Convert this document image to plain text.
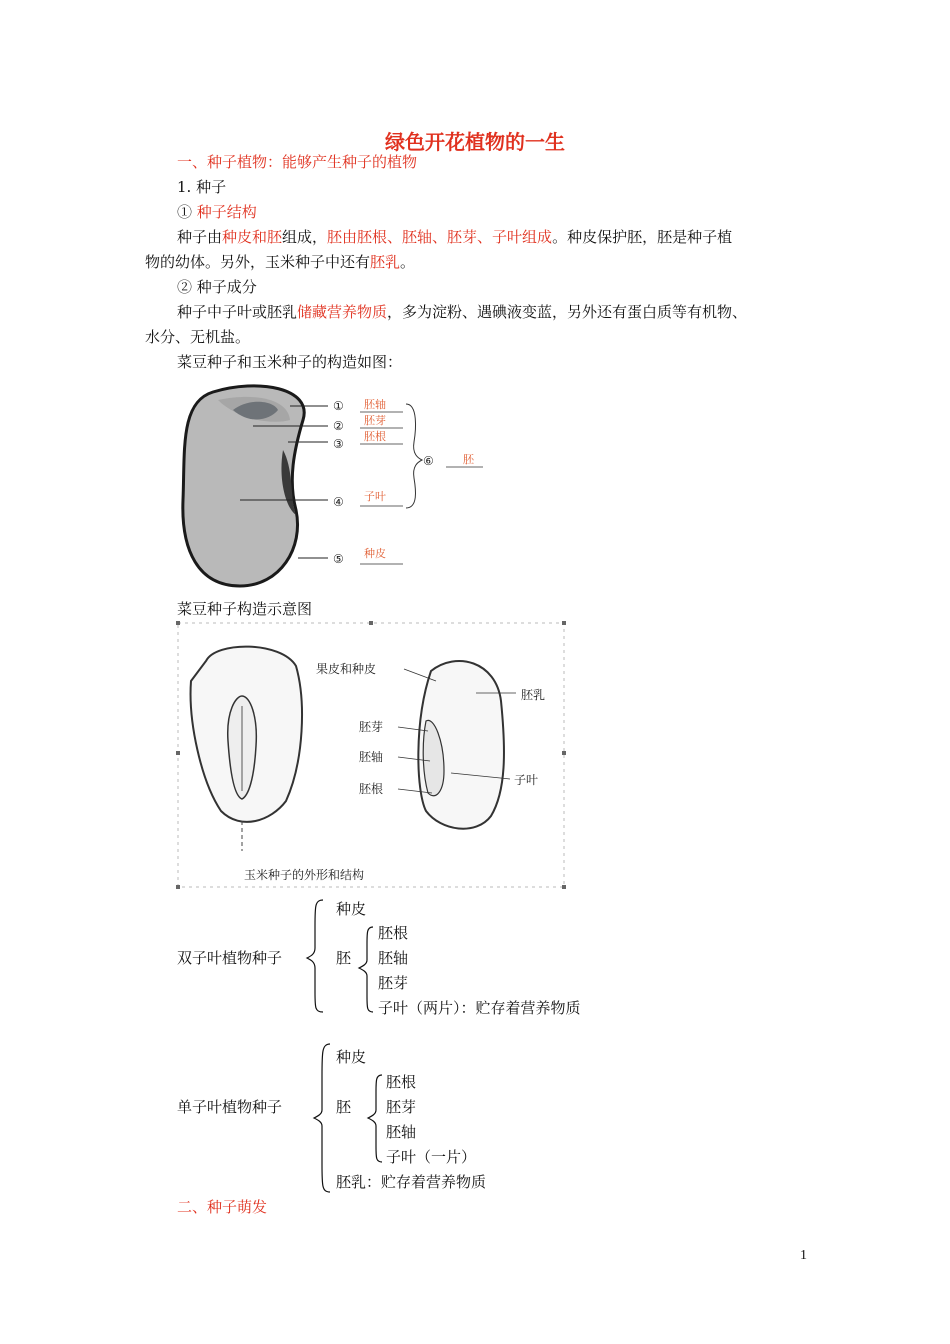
绿色开花植物的一生
一、种子植物：能够产生种子的植物
1. 种子
① 种子结构
种子由种皮和胚组成，胚由胚根、胚轴、胚芽、子叶组成。种皮保护胚，胚是种子植
物的幼体。另外，玉米种子中还有胚乳。
② 种子成分
种子中子叶或胚乳储藏营养物质，多为淀粉、遇碘液变蓝，另外还有蛋白质等有机物、
水分、无机盐。
菜豆种子和玉米种子的构造如图：
①
②
③
④
⑤
⑥
胚轴
胚芽
胚根
子叶
种皮
胚
菜豆种子构造示意图
果皮和种皮
胚乳
胚芽
胚轴
胚根
子叶
玉米种子的外形和结构
双子叶植物种子
种皮
胚
胚根
胚轴
胚芽
子叶（两片）：贮存着营养物质
单子叶植物种子
种皮
胚
胚根
胚芽
胚轴
子叶（一片）
胚乳：贮存着营养物质
二、种子萌发
1
